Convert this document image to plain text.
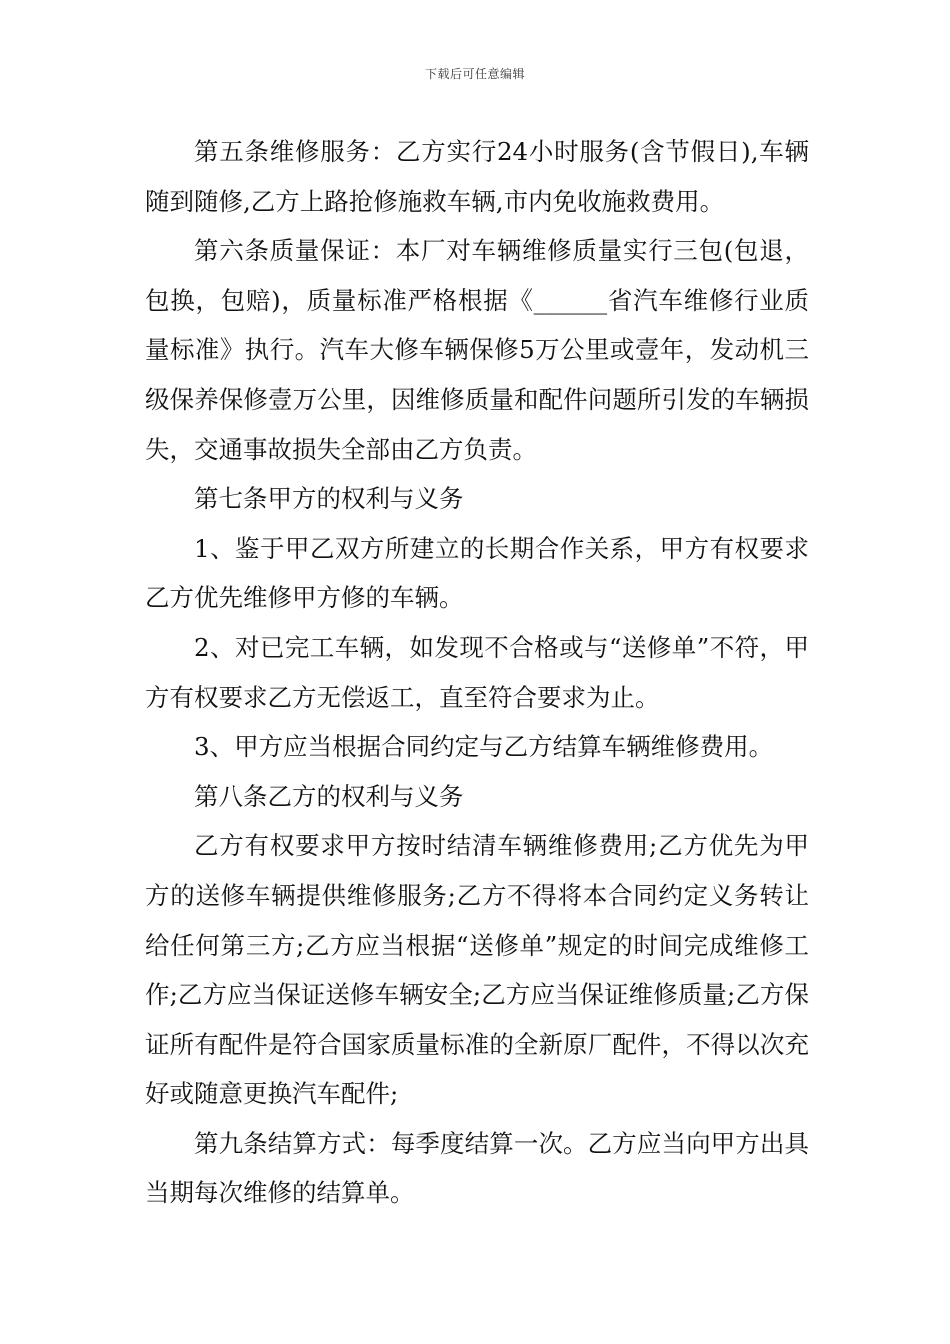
下载后可任意编辑

第五条维修服务：乙方实行24小时服务(含节假日),车辆随到随修,乙方上路抢修施救车辆,市内免收施救费用。

第六条质量保证：本厂对车辆维修质量实行三包(包退，包换，包赔)，质量标准严格根据《______省汽车维修行业质量标准》执行。汽车大修车辆保修5万公里或壹年，发动机三级保养保修壹万公里，因维修质量和配件问题所引发的车辆损失，交通事故损失全部由乙方负责。

第七条甲方的权利与义务

1、鉴于甲乙双方所建立的长期合作关系，甲方有权要求乙方优先维修甲方修的车辆。

2、对已完工车辆，如发现不合格或与“送修单”不符，甲方有权要求乙方无偿返工，直至符合要求为止。

3、甲方应当根据合同约定与乙方结算车辆维修费用。

第八条乙方的权利与义务

乙方有权要求甲方按时结清车辆维修费用;乙方优先为甲方的送修车辆提供维修服务;乙方不得将本合同约定义务转让给任何第三方;乙方应当根据“送修单”规定的时间完成维修工作;乙方应当保证送修车辆安全;乙方应当保证维修质量;乙方保证所有配件是符合国家质量标准的全新原厂配件，不得以次充好或随意更换汽车配件;

第九条结算方式：每季度结算一次。乙方应当向甲方出具当期每次维修的结算单。
